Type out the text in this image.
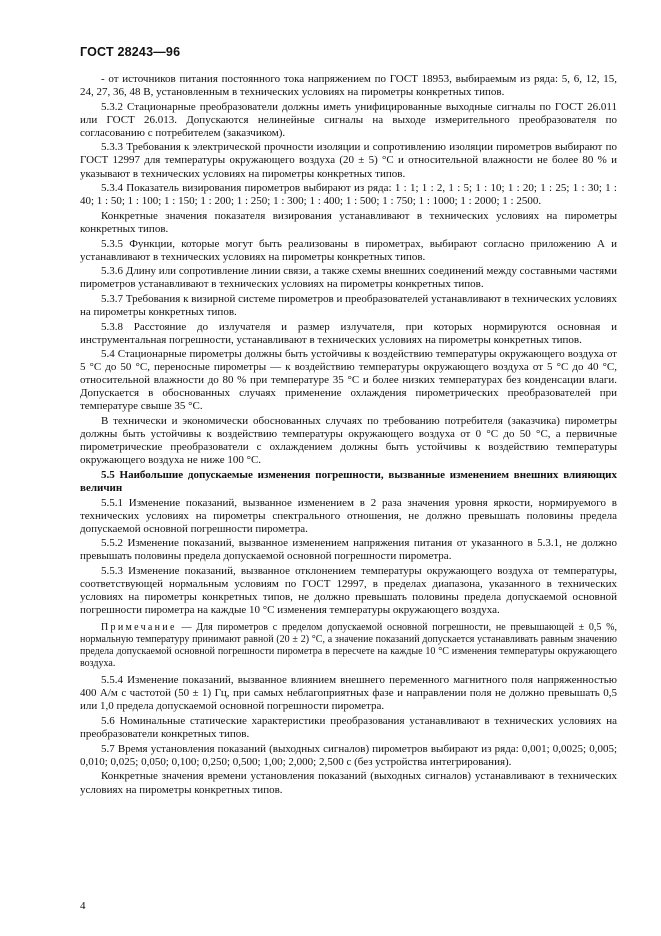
ГОСТ 28243—96

- от источников питания постоянного тока напряжением по ГОСТ 18953, выбираемым из ряда: 5, 6, 12, 15, 24, 27, 36, 48 В, установленным в технических условиях на пирометры конкретных типов.

5.3.2 Стационарные преобразователи должны иметь унифицированные выходные сигналы по ГОСТ 26.011 или ГОСТ 26.013. Допускаются нелинейные сигналы на выходе измерительного преобразователя по согласованию с потребителем (заказчиком).

5.3.3 Требования к электрической прочности изоляции и сопротивлению изоляции пирометров выбирают по ГОСТ 12997 для температуры окружающего воздуха (20 ± 5) °С и относительной влажности не более 80 % и указывают в технических условиях на пирометры конкретных типов.

5.3.4 Показатель визирования пирометров выбирают из ряда: 1 : 1; 1 : 2, 1 : 5; 1 : 10; 1 : 20; 1 : 25; 1 : 30; 1 : 40; 1 : 50; 1 : 100; 1 : 150; 1 : 200; 1 : 250; 1 : 300; 1 : 400; 1 : 500; 1 : 750; 1 : 1000; 1 : 2000; 1 : 2500.

Конкретные значения показателя визирования устанавливают в технических условиях на пирометры конкретных типов.

5.3.5 Функции, которые могут быть реализованы в пирометрах, выбирают согласно приложению А и устанавливают в технических условиях на пирометры конкретных типов.

5.3.6 Длину или сопротивление линии связи, а также схемы внешних соединений между составными частями пирометров устанавливают в технических условиях на пирометры конкретных типов.

5.3.7 Требования к визирной системе пирометров и преобразователей устанавливают в технических условиях на пирометры конкретных типов.

5.3.8 Расстояние до излучателя и размер излучателя, при которых нормируются основная и инструментальная погрешности, устанавливают в технических условиях на пирометры конкретных типов.

5.4 Стационарные пирометры должны быть устойчивы к воздействию температуры окружающего воздуха от 5 °С до 50 °С, переносные пирометры — к воздействию температуры окружающего воздуха от 5 °С до 40 °С, относительной влажности до 80 % при температуре 35 °С и более низких температурах без конденсации влаги. Допускается в обоснованных случаях применение охлаждения пирометрических преобразователей при температуре свыше 35 °С.

В технически и экономически обоснованных случаях по требованию потребителя (заказчика) пирометры должны быть устойчивы к воздействию температуры окружающего воздуха от 0 °С до 50 °С, а первичные пирометрические преобразователи с охлаждением должны быть устойчивы к воздействию температуры окружающего воздуха не ниже 100 °С.

5.5 Наибольшие допускаемые изменения погрешности, вызванные изменением внешних влияющих величин

5.5.1 Изменение показаний, вызванное изменением в 2 раза значения уровня яркости, нормируемого в технических условиях на пирометры спектрального отношения, не должно превышать половины предела допускаемой основной погрешности пирометра.

5.5.2 Изменение показаний, вызванное изменением напряжения питания от указанного в 5.3.1, не должно превышать половины предела допускаемой основной погрешности пирометра.

5.5.3 Изменение показаний, вызванное отклонением температуры окружающего воздуха от температуры, соответствующей нормальным условиям по ГОСТ 12997, в пределах диапазона, указанного в технических условиях на пирометры конкретных типов, не должно превышать половины предела допускаемой основной погрешности пирометра на каждые 10 °С изменения температуры окружающего воздуха.

Примечание — Для пирометров с пределом допускаемой основной погрешности, не превышающей ± 0,5 %, нормальную температуру принимают равной (20 ± 2) °С, а значение показаний допускается устанавливать равным значению предела допускаемой основной погрешности пирометра в пересчете на каждые 10 °С изменения температуры окружающего воздуха.

5.5.4 Изменение показаний, вызванное влиянием внешнего переменного магнитного поля напряженностью 400 А/м с частотой (50 ± 1) Гц, при самых неблагоприятных фазе и направлении поля не должно превышать 0,5 или 1,0 предела допускаемой основной погрешности пирометра.

5.6 Номинальные статические характеристики преобразования устанавливают в технических условиях на преобразователи конкретных типов.

5.7 Время установления показаний (выходных сигналов) пирометров выбирают из ряда: 0,001; 0,0025; 0,005; 0,010; 0,025; 0,050; 0,100; 0,250; 0,500; 1,00; 2,000; 2,500 с (без устройства интегрирования).

Конкретные значения времени установления показаний (выходных сигналов) устанавливают в технических условиях на пирометры конкретных типов.

4
